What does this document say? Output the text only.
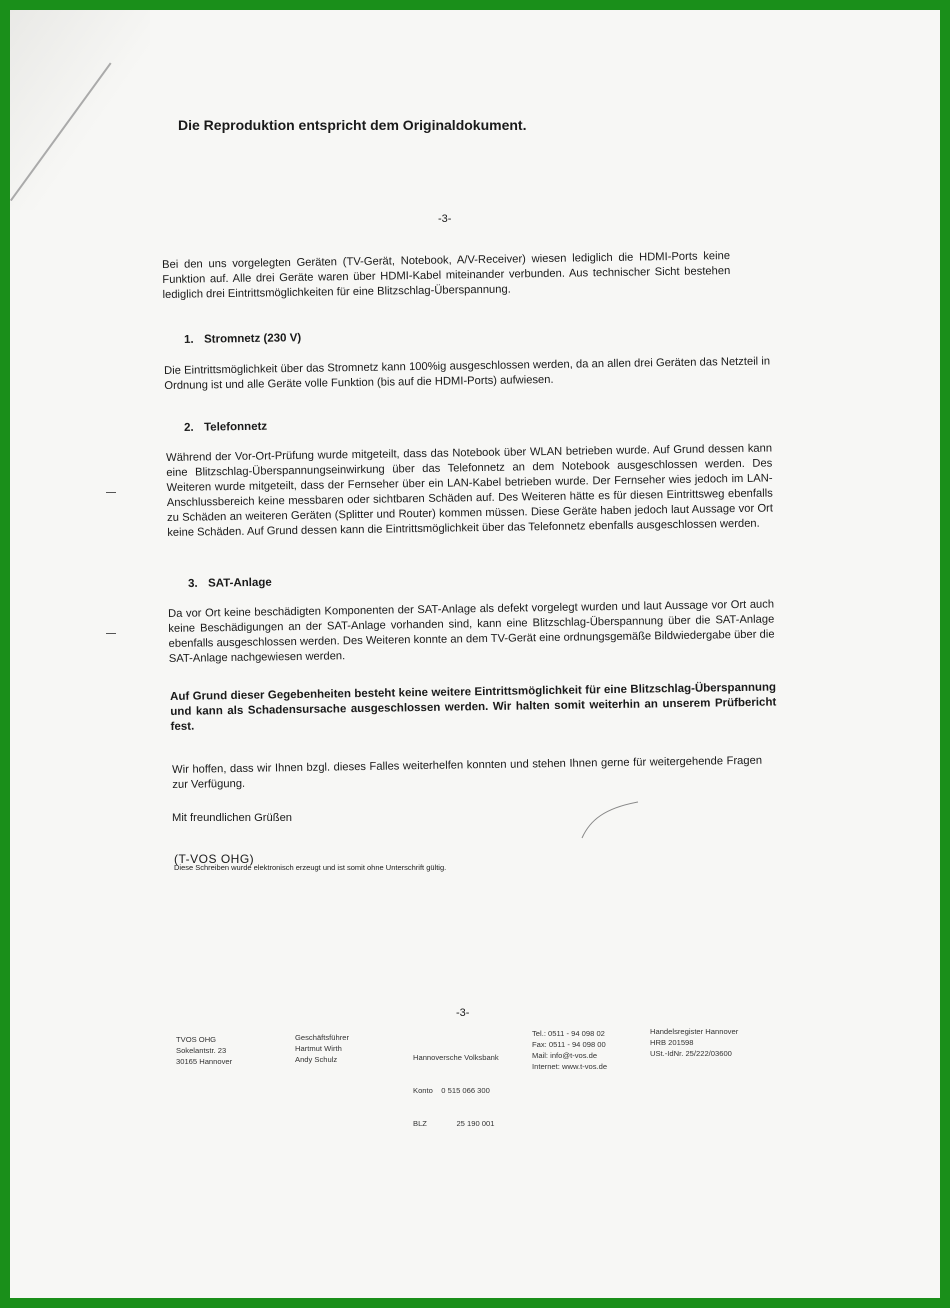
Die Reproduktion entspricht dem Originaldokument.
-3-
Bei den uns vorgelegten Geräten (TV-Gerät, Notebook, A/V-Receiver) wiesen lediglich die HDMI-Ports keine Funktion auf. Alle drei Geräte waren über HDMI-Kabel miteinander verbunden. Aus technischer Sicht bestehen lediglich drei Eintrittsmöglichkeiten für eine Blitzschlag-Überspannung.
1. Stromnetz (230 V)
Die Eintrittsmöglichkeit über das Stromnetz kann 100%ig ausgeschlossen werden, da an allen drei Geräten das Netzteil in Ordnung ist und alle Geräte volle Funktion (bis auf die HDMI-Ports) aufwiesen.
2. Telefonnetz
Während der Vor-Ort-Prüfung wurde mitgeteilt, dass das Notebook über WLAN betrieben wurde. Auf Grund dessen kann eine Blitzschlag-Überspannungseinwirkung über das Telefonnetz an dem Notebook ausgeschlossen werden. Des Weiteren wurde mitgeteilt, dass der Fernseher über ein LAN-Kabel betrieben wurde. Der Fernseher wies jedoch im LAN-Anschlussbereich keine messbaren oder sichtbaren Schäden auf. Des Weiteren hätte es für diesen Eintrittsweg ebenfalls zu Schäden an weiteren Geräten (Splitter und Router) kommen müssen. Diese Geräte haben jedoch laut Aussage vor Ort keine Schäden. Auf Grund dessen kann die Eintrittsmöglichkeit über das Telefonnetz ebenfalls ausgeschlossen werden.
3. SAT-Anlage
Da vor Ort keine beschädigten Komponenten der SAT-Anlage als defekt vorgelegt wurden und laut Aussage vor Ort auch keine Beschädigungen an der SAT-Anlage vorhanden sind, kann eine Blitzschlag-Überspannung über die SAT-Anlage ebenfalls ausgeschlossen werden. Des Weiteren konnte an dem TV-Gerät eine ordnungsgemäße Bildwiedergabe über die SAT-Anlage nachgewiesen werden.
Auf Grund dieser Gegebenheiten besteht keine weitere Eintrittsmöglichkeit für eine Blitzschlag-Überspannung und kann als Schadensursache ausgeschlossen werden. Wir halten somit weiterhin an unserem Prüfbericht fest.
Wir hoffen, dass wir Ihnen bzgl. dieses Falles weiterhelfen konnten und stehen Ihnen gerne für weitergehende Fragen zur Verfügung.
Mit freundlichen Grüßen
(T-VOS OHG)
Diese Schreiben wurde elektronisch erzeugt und ist somit ohne Unterschrift gültig.
-3-
TVOS OHG
Sokelantstr. 23
30165 Hannover
Geschäftsführer
Hartmut Wirth
Andy Schulz

	Hannoversche Volksbank

Konto    0 515 066 300

BLZ              25 190 001

Tel.: 0511 - 94 098 02
Fax: 0511 - 94 098 00
Mail: info@t-vos.de
Internet: www.t-vos.de
Handelsregister Hannover
HRB 201598
USt.-IdNr. 25/222/03600
